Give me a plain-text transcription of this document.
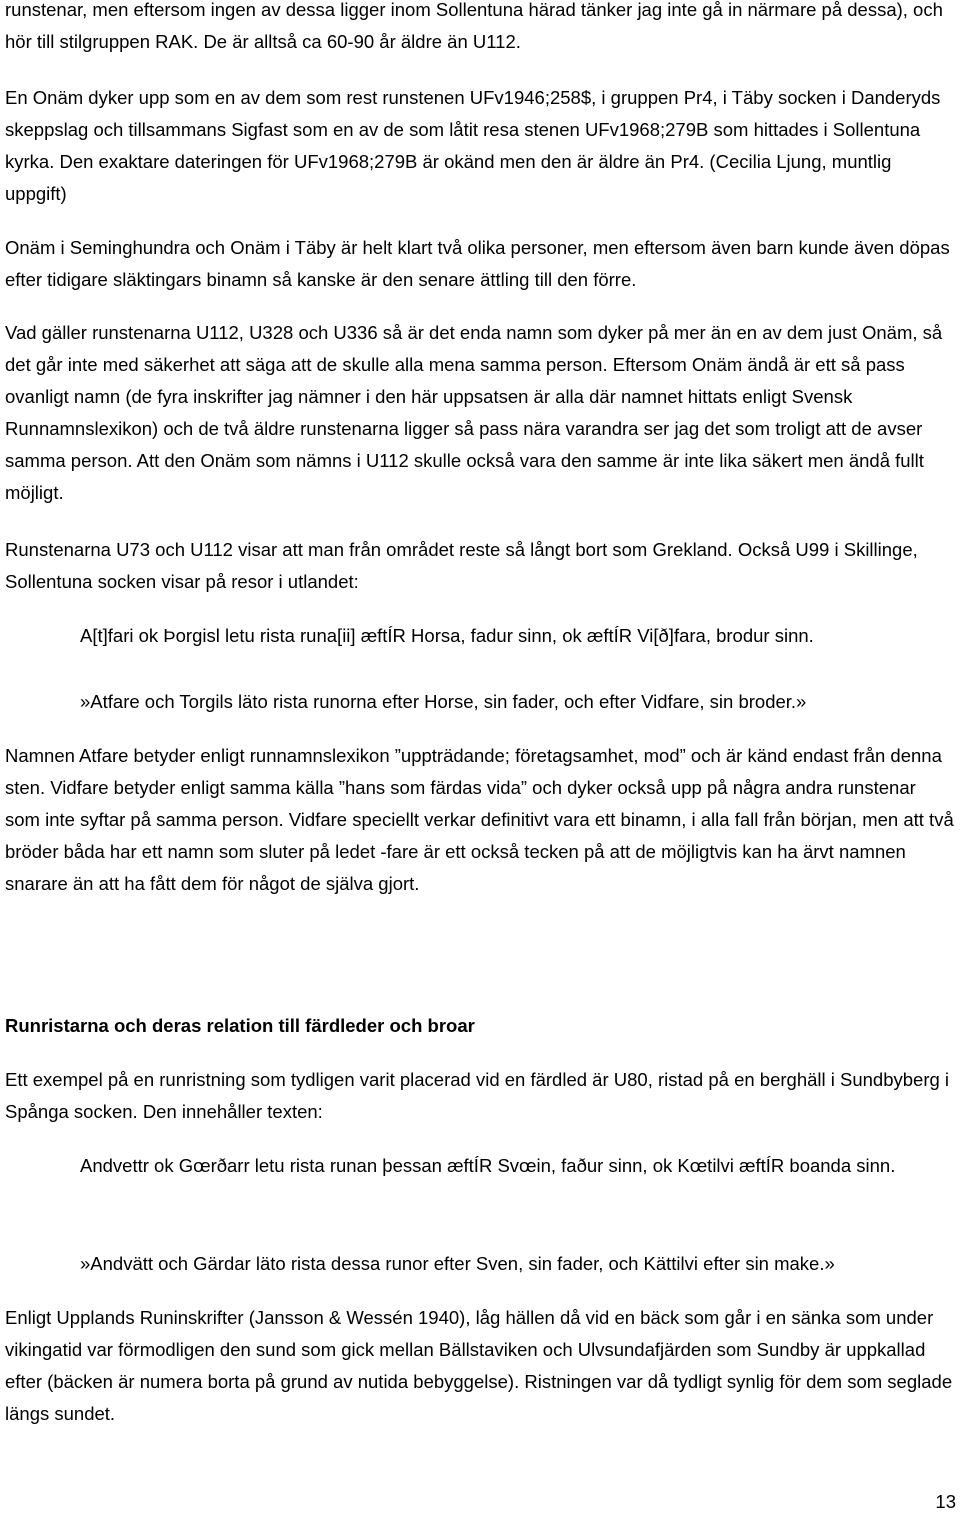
runstenar, men eftersom ingen av dessa ligger inom Sollentuna härad tänker jag inte gå in närmare på dessa), och hör till stilgruppen RAK. De är alltså ca 60-90 år äldre än U112.

En Onäm dyker upp som en av dem som rest runstenen UFv1946;258$, i gruppen Pr4, i Täby socken i Danderyds skeppslag och tillsammans Sigfast som en av de som låtit resa stenen UFv1968;279B som hittades i Sollentuna kyrka. Den exaktare dateringen för UFv1968;279B är okänd men den är äldre än Pr4. (Cecilia Ljung, muntlig uppgift)

Onäm i Seminghundra och Onäm i Täby är helt klart två olika personer, men eftersom även barn kunde även döpas efter tidigare släktingars binamn så kanske är den senare ättling till den förre.

Vad gäller runstenarna U112, U328 och U336 så är det enda namn som dyker på mer än en av dem just Onäm, så det går inte med säkerhet att säga att de skulle alla mena samma person. Eftersom Onäm ändå är ett så pass ovanligt namn (de fyra inskrifter jag nämner i den här uppsatsen är alla där namnet hittats enligt Svensk Runnamnslexikon) och de två äldre runstenarna ligger så pass nära varandra ser jag det som troligt att de avser samma person. Att den Onäm som nämns i U112 skulle också vara den samme är inte lika säkert men ändå fullt möjligt.

Runstenarna U73 och U112 visar att man från området reste så långt bort som Grekland. Också U99 i Skillinge, Sollentuna socken visar på resor i utlandet:

A[t]fari ok Þorgisl letu rista runa[ii] æftÍR Horsa, fadur sinn, ok æftÍR Vi[ð]fara, brodur sinn.

»Atfare och Torgils läto rista runorna efter Horse, sin fader, och efter Vidfare, sin broder.»

Namnen Atfare betyder enligt runnamnslexikon ”uppträdande; företagsamhet, mod” och är känd endast från denna sten. Vidfare betyder enligt samma källa ”hans som färdas vida” och dyker också upp på några andra runstenar som inte syftar på samma person. Vidfare speciellt verkar definitivt vara ett binamn, i alla fall från början, men att två bröder båda har ett namn som sluter på ledet -fare är ett också tecken på att de möjligtvis kan ha ärvt namnen snarare än att ha fått dem för något de själva gjort.

Runristarna och deras relation till färdleder och broar

Ett exempel på en runristning som tydligen varit placerad vid en färdled är U80, ristad på en berghäll i Sundbyberg i Spånga socken. Den innehåller texten:

Andvettr ok Gœrðarr letu rista runan þessan æftÍR Svœin, faður sinn, ok Kœtilvi æftÍR boanda sinn.

»Andvätt och Gärdar läto rista dessa runor efter Sven, sin fader, och Kättilvi efter sin make.»

Enligt Upplands Runinskrifter (Jansson & Wessén 1940), låg hällen då vid en bäck som går i en sänka som under vikingatid var förmodligen den sund som gick mellan Bällstaviken och Ulvsundafjärden som Sundby är uppkallad efter (bäcken är numera borta på grund av nutida bebyggelse). Ristningen var då tydligt synlig för dem som seglade längs sundet.

13
